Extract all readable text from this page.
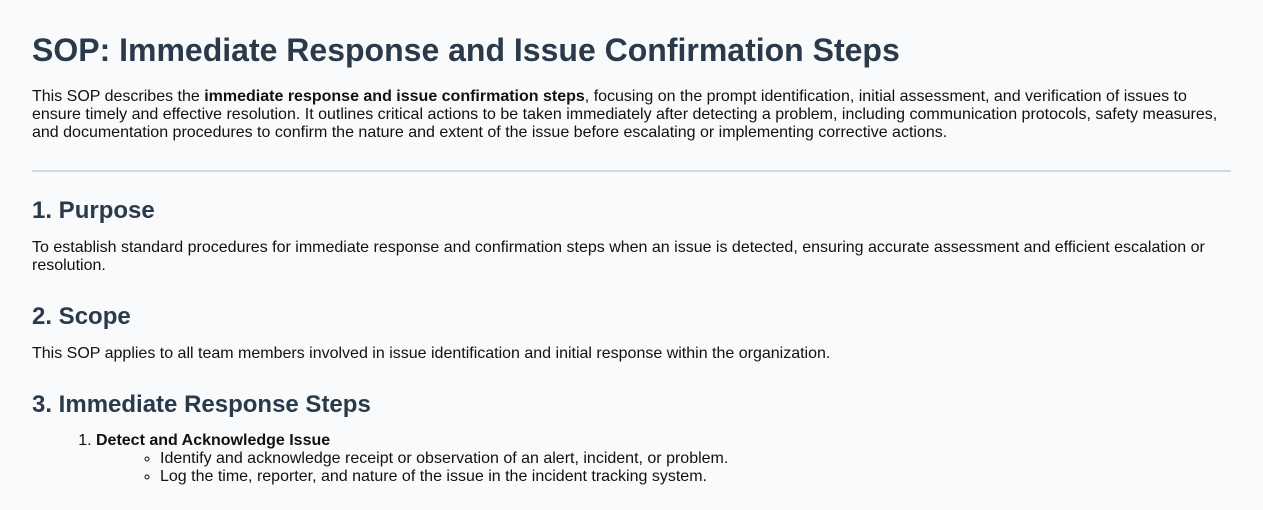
SOP: Immediate Response and Issue Confirmation Steps

This SOP describes the immediate response and issue confirmation steps, focusing on the prompt identification, initial assessment, and verification of issues to ensure timely and effective resolution. It outlines critical actions to be taken immediately after detecting a problem, including communication protocols, safety measures, and documentation procedures to confirm the nature and extent of the issue before escalating or implementing corrective actions.

1. Purpose

To establish standard procedures for immediate response and confirmation steps when an issue is detected, ensuring accurate assessment and efficient escalation or resolution.

2. Scope

This SOP applies to all team members involved in issue identification and initial response within the organization.

3. Immediate Response Steps
1. Detect and Acknowledge Issue
◦ Identify and acknowledge receipt or observation of an alert, incident, or problem.
◦ Log the time, reporter, and nature of the issue in the incident tracking system.
